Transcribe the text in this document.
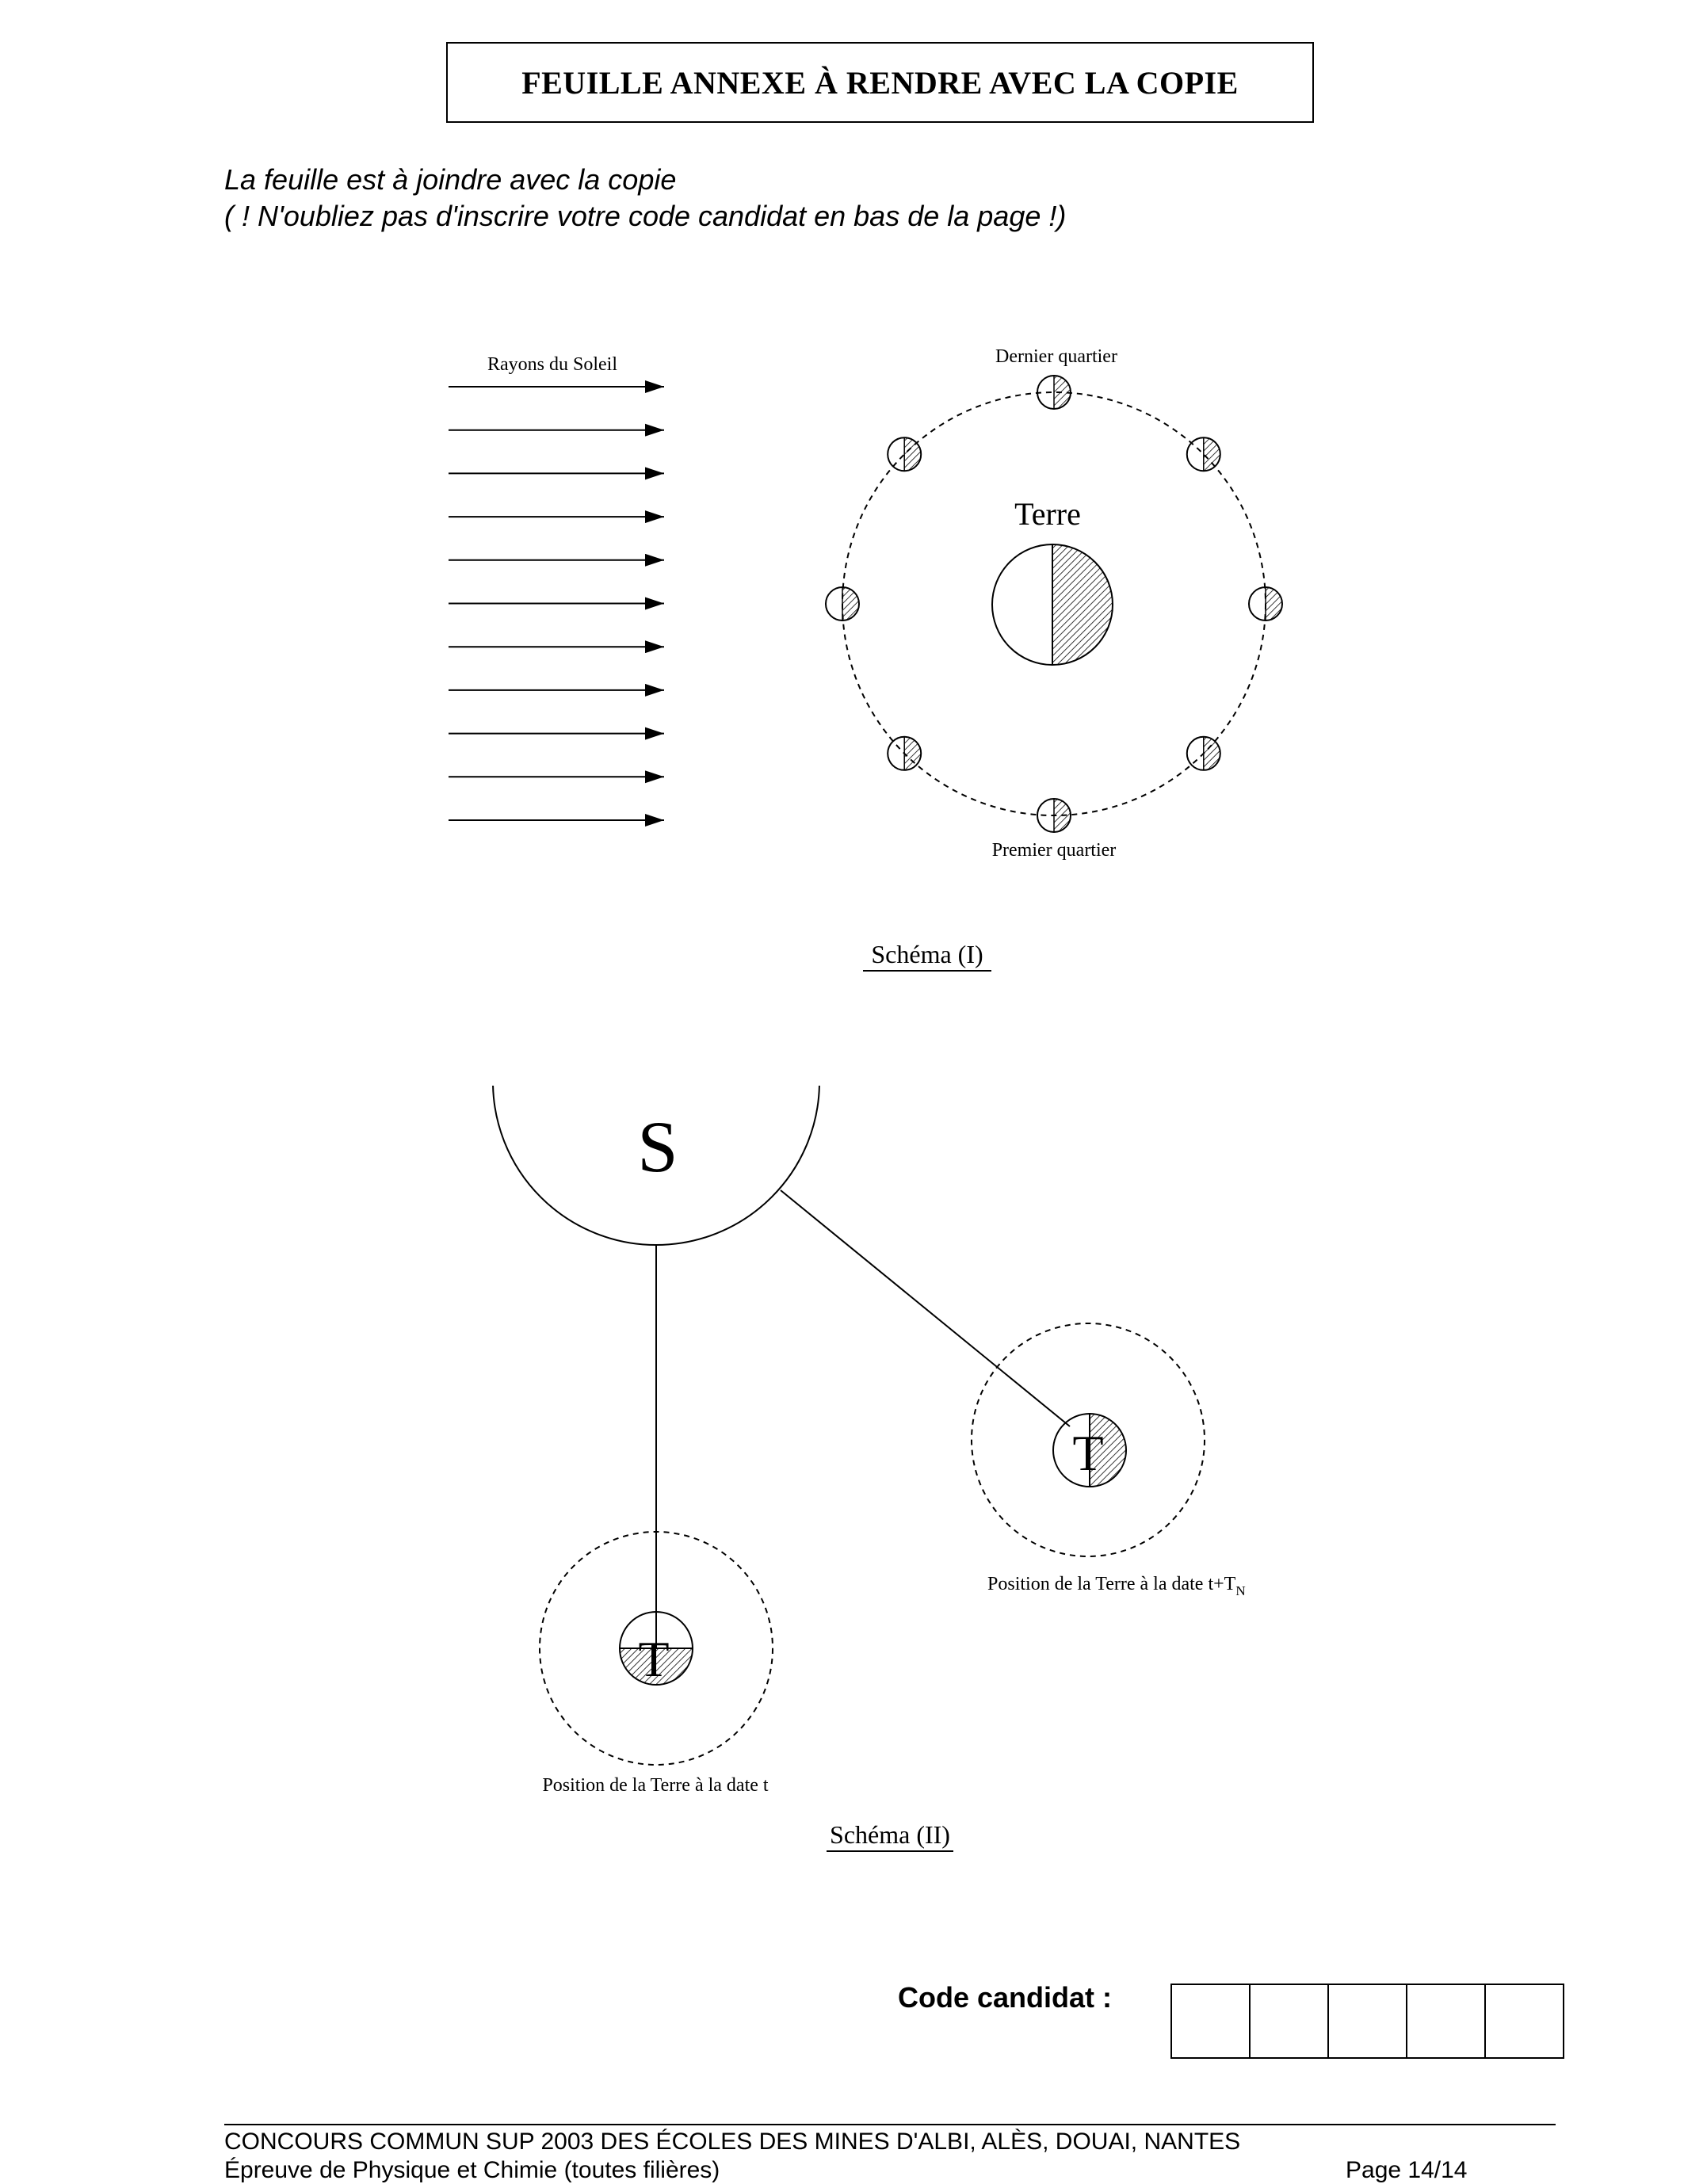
FEUILLE ANNEXE À RENDRE AVEC LA COPIE
La feuille est à joindre avec la copie
( ! N'oubliez pas d'inscrire votre code candidat en bas de la page !)
Rayons du Soleil
Terre
Dernier quartier
Premier quartier
Schéma (I)
S
T
Position de la Terre à la date t
T
Position de la Terre à la date $t+T_N$
Schéma (II)
Code candidat :
CONCOURS COMMUN SUP 2003 DES ÉCOLES DES MINES D'ALBI, ALÈS, DOUAI, NANTES
Épreuve de Physique et Chimie (toutes filières)	Page 14/14
